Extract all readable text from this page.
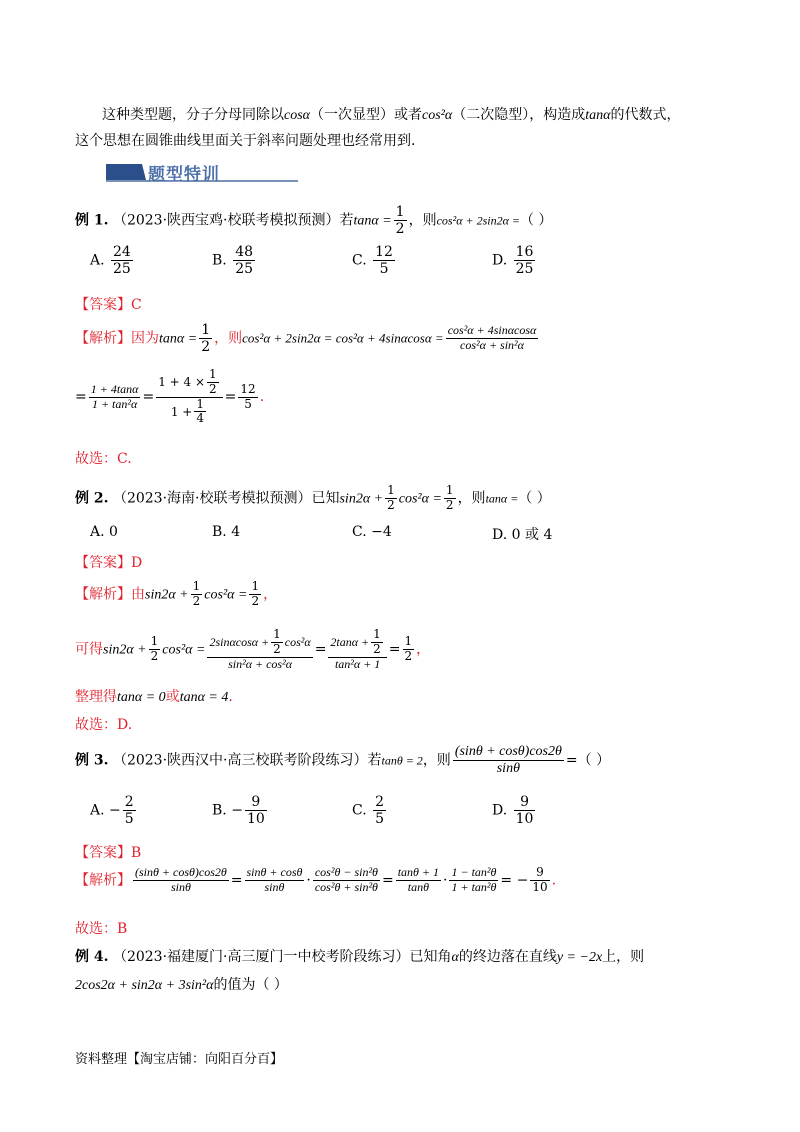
这种类型题，分子分母同除以cosα（一次显型）或者cos²α（二次隐型），构造成tanα的代数式，
这个思想在圆锥曲线里面关于斜率问题处理也经常用到.
题型特训
例 1. （2023·陕西宝鸡·校联考模拟预测）若$\tan\alpha = \frac{1}{2}$ ，则cos²α + 2sin2α =（ ）
A. $\frac{24}{25}$	B. $\frac{48}{25}$	C. $\frac{12}{5}$	D. $\frac{16}{25}$
【答案】C
【解析】因为$\tan\alpha = \frac{1}{2}$ ，则$\cos^2\alpha + 2\sin 2\alpha = \cos^2\alpha + 4\sin\alpha\cos\alpha = \frac{\text{cos²α + 4sinαcosα}}{\text{cos²α + sin²α}}$
= $\frac{1 + 4\tan\alpha}{\text{1 + tan²α}} = \frac{1 + 4 \times \frac{1}{2}}{1 + \frac{1}{4}} = \frac{12}{5}$ .
故选：C.
例 2. （2023·海南·校联考模拟预测）已知$\sin 2\alpha + \frac{1}{2} \cos^2\alpha = \frac{1}{2}$ ，则tanα =（ ）
A. 0	B. 4	C. −4	D. 0 或 4
【答案】D
【解析】由$\sin 2\alpha + \frac{1}{2} \cos^2\alpha = \frac{1}{2}$ ，
可得$\sin 2\alpha + \frac{1}{2} \cos^2\alpha = \frac{2\sin\alpha\cos\alpha + \frac{1}{2} \cos^2\alpha}{\text{sin²α + cos²α}} = \frac{2\tan\alpha + \frac{1}{2}}{\text{tan²α + 1}} = \frac{1}{2}$ ，
整理得tanα = 0或tanα = 4.
故选：D.
例 3. （2023·陕西汉中·高三校联考阶段练习）若tanθ = 2，则 $\frac{(\sin\theta + \cos\theta)\cos 2\theta}{\sin\theta}$ =（ ）
A. − $\frac{2}{5}$	B. − $\frac{9}{10}$	C. $\frac{2}{5}$	D. $\frac{9}{10}$
【答案】B
【解析】 $\frac{(\sin\theta + \cos\theta)\cos 2\theta}{\sin\theta} = \frac{\sin\theta + \cos\theta}{\sin\theta} \cdot \frac{\text{cos²θ − sin²θ}}{\text{cos²θ + sin²θ}} = \frac{\tan\theta + 1}{\tan\theta} \cdot \frac{\text{1 − tan²θ}}{\text{1 + tan²θ}}$ = − $\frac{9}{10}$ .
故选：B
例 4. （2023·福建厦门·高三厦门一中校考阶段练习）已知角α的终边落在直线y = −2x上，则
2cos2α + sin2α + 3sin²α的值为（ ）
资料整理【淘宝店铺：向阳百分百】
